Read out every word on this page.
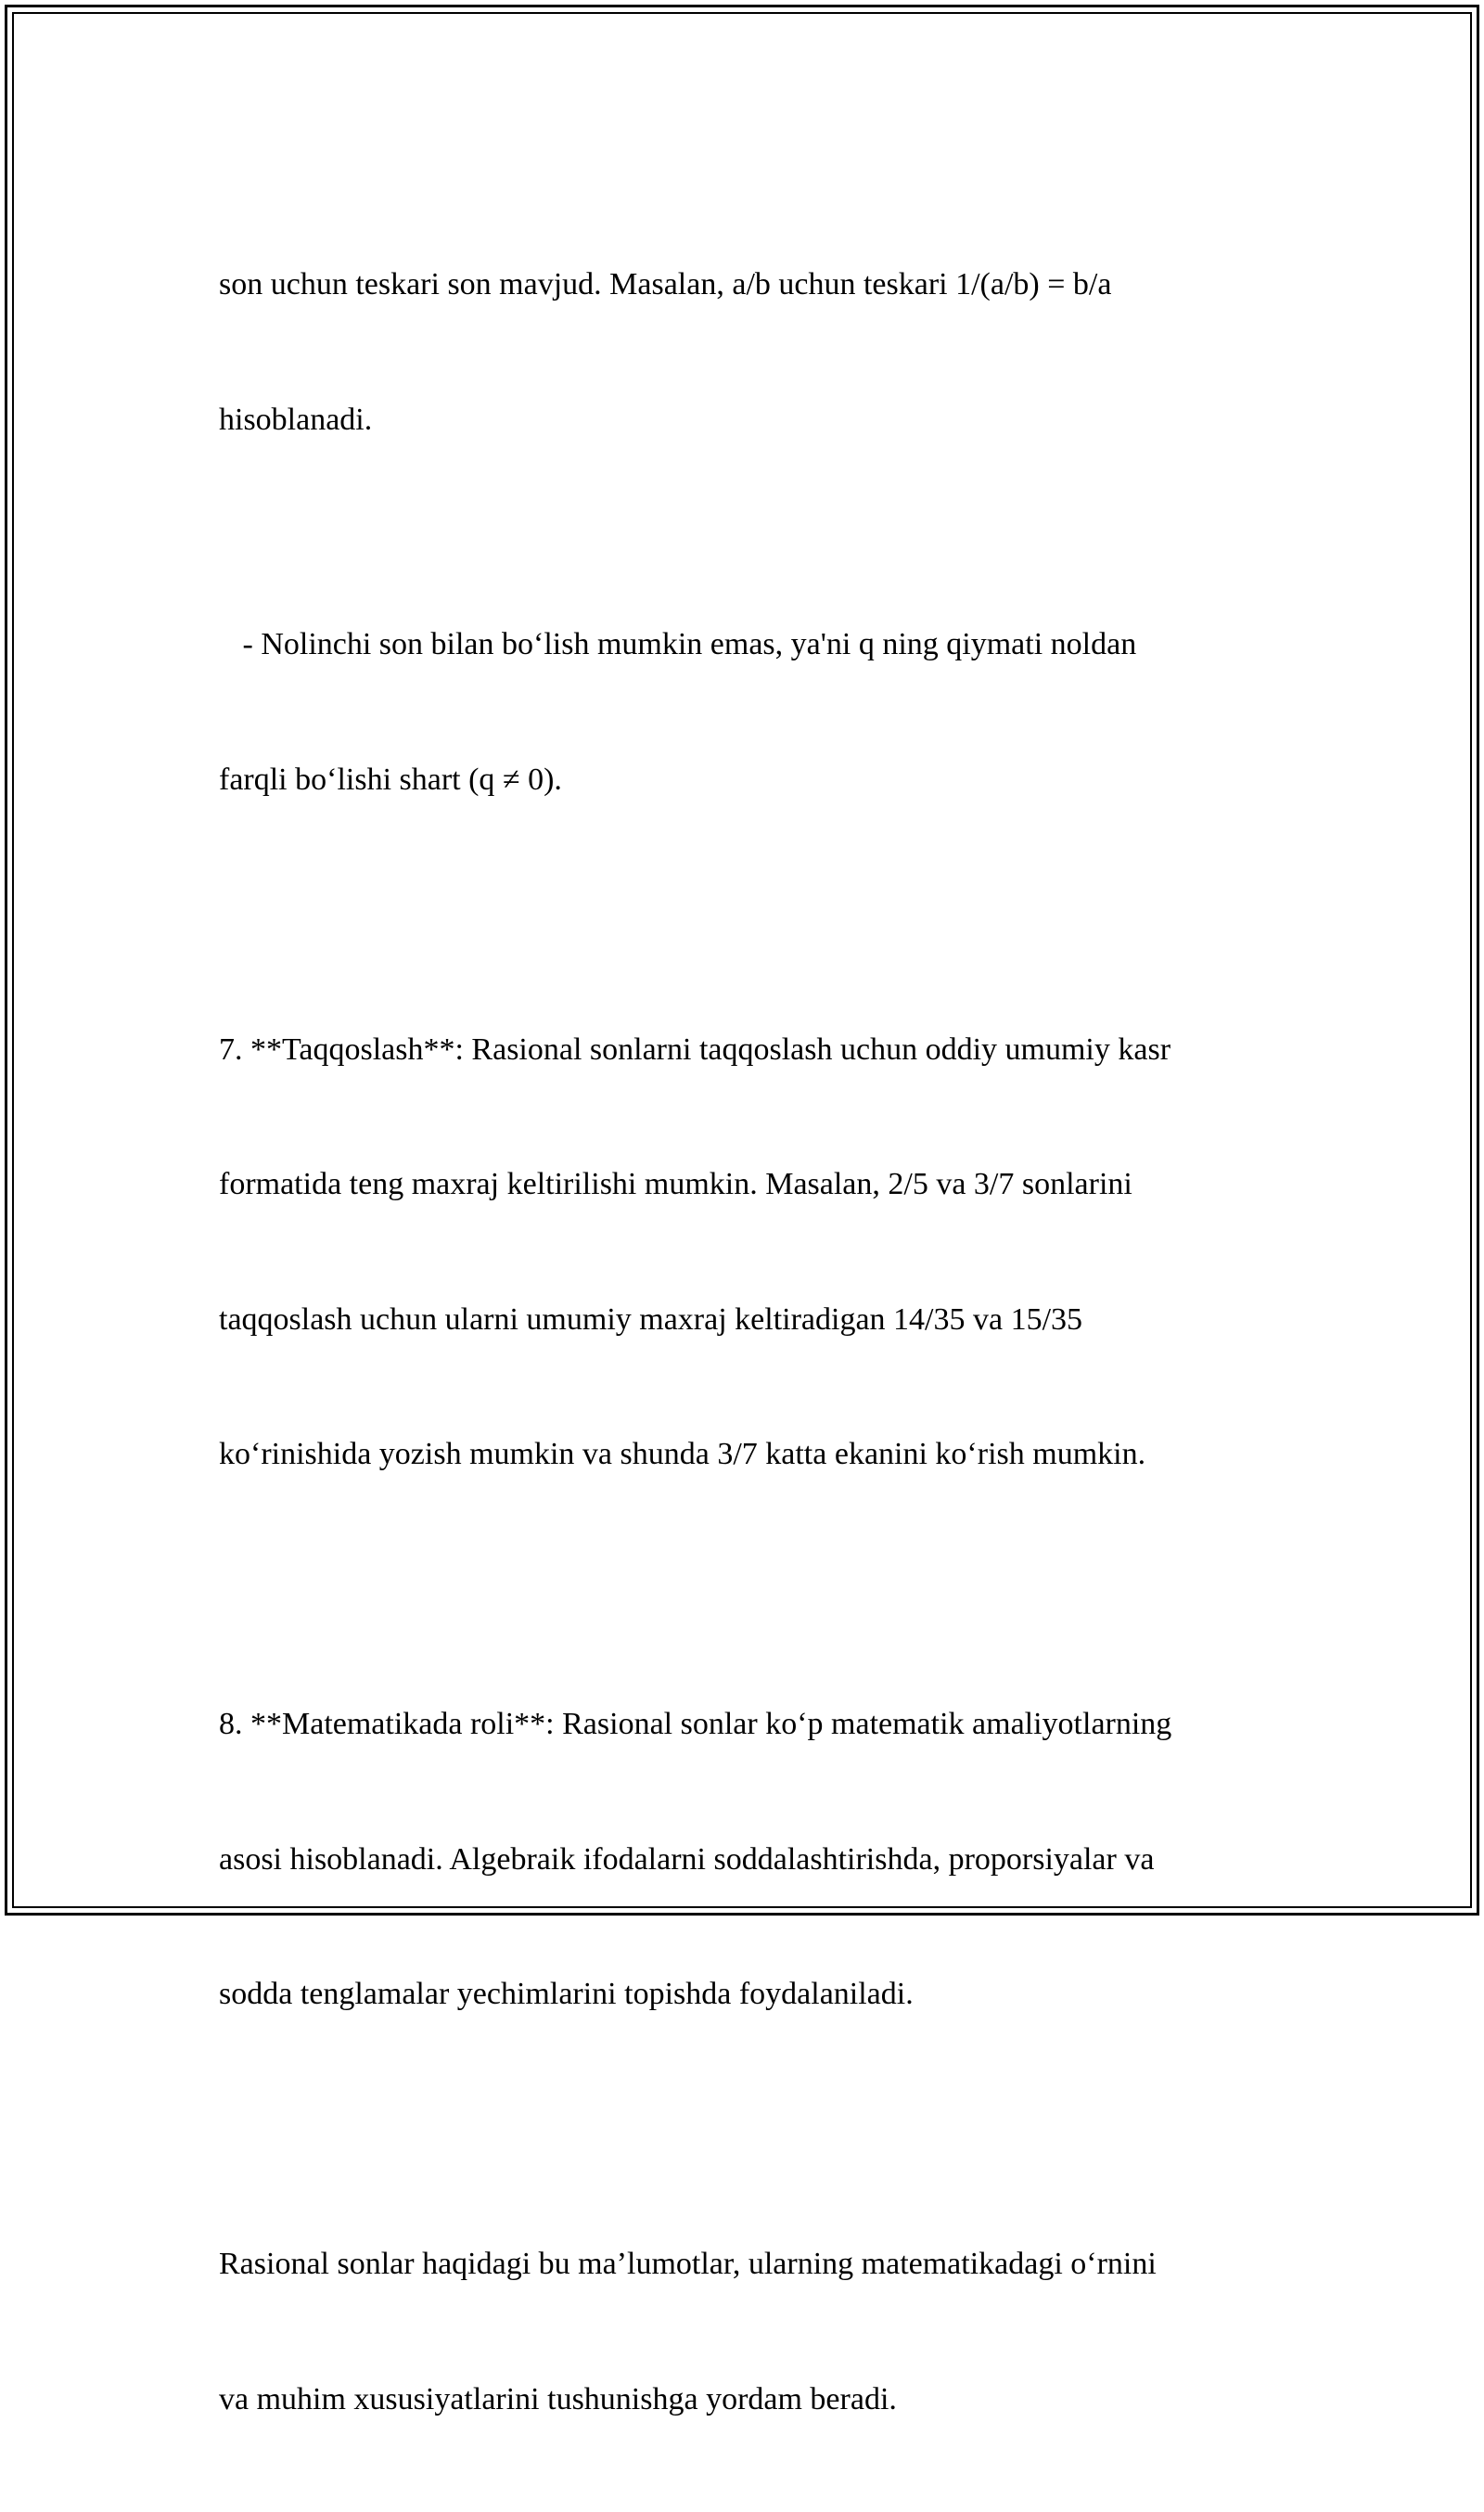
son uchun teskari son mavjud. Masalan, a/b uchun teskari 1/(a/b) = b/a

hisoblanadi.

- Nolinchi son bilan bo‘lish mumkin emas, ya'ni q ning qiymati noldan

farqli bo‘lishi shart (q ≠ 0).

7. **Taqqoslash**: Rasional sonlarni taqqoslash uchun oddiy umumiy kasr

formatida teng maxraj keltirilishi mumkin. Masalan, 2/5 va 3/7 sonlarini

taqqoslash uchun ularni umumiy maxraj keltiradigan 14/35 va 15/35

ko‘rinishida yozish mumkin va shunda 3/7 katta ekanini ko‘rish mumkin.

8. **Matematikada roli**: Rasional sonlar ko‘p matematik amaliyotlarning

asosi hisoblanadi. Algebraik ifodalarni soddalashtirishda, proporsiyalar va

sodda tenglamalar yechimlarini topishda foydalaniladi.

Rasional sonlar haqidagi bu ma’lumotlar, ularning matematikadagi o‘rnini

va muhim xususiyatlarini tushunishga yordam beradi.
